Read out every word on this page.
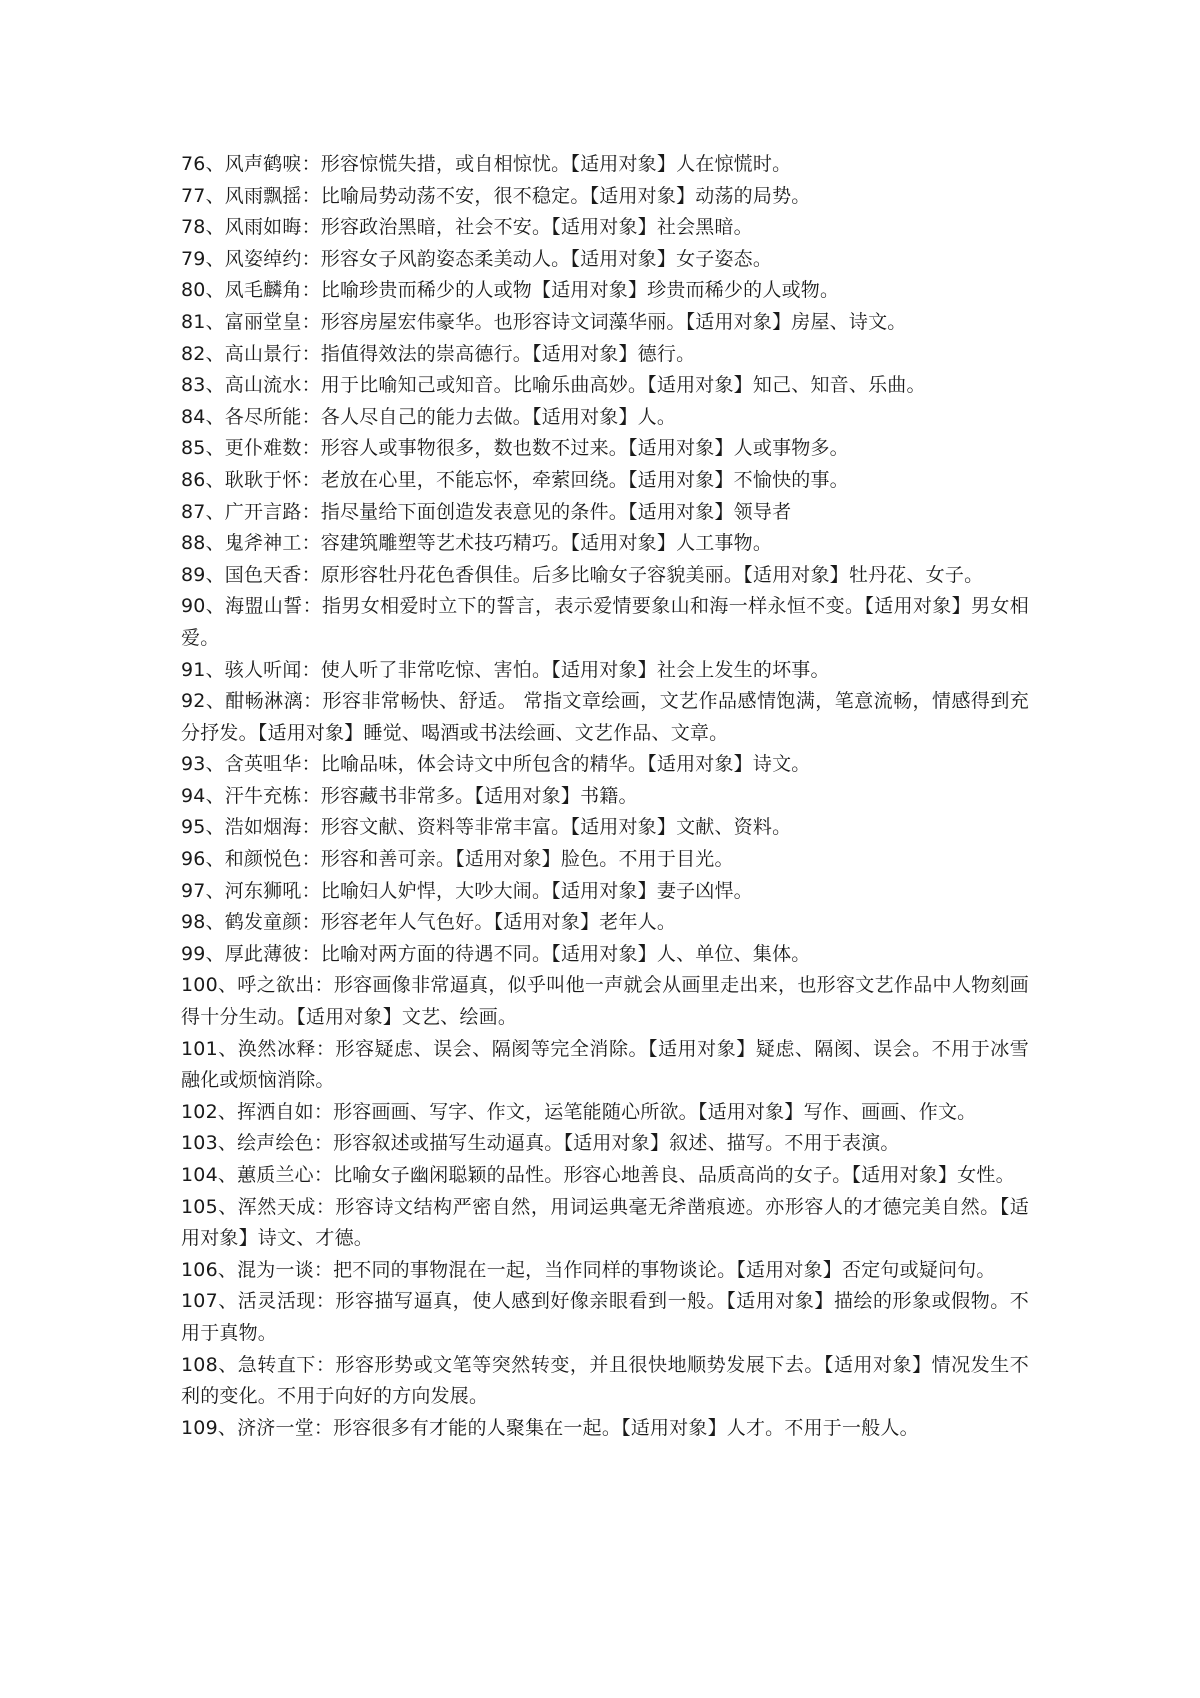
76、风声鹤唳：形容惊慌失措，或自相惊忧。【适用对象】人在惊慌时。
77、风雨飘摇：比喻局势动荡不安，很不稳定。【适用对象】动荡的局势。
78、风雨如晦：形容政治黑暗，社会不安。【适用对象】社会黑暗。
79、风姿绰约：形容女子风韵姿态柔美动人。【适用对象】女子姿态。
80、凤毛麟角：比喻珍贵而稀少的人或物【适用对象】珍贵而稀少的人或物。
81、富丽堂皇：形容房屋宏伟豪华。也形容诗文词藻华丽。【适用对象】房屋、诗文。
82、高山景行：指值得效法的崇高德行。【适用对象】德行。
83、高山流水：用于比喻知己或知音。比喻乐曲高妙。【适用对象】知己、知音、乐曲。
84、各尽所能：各人尽自己的能力去做。【适用对象】人。
85、更仆难数：形容人或事物很多，数也数不过来。【适用对象】人或事物多。
86、耿耿于怀：老放在心里，不能忘怀，牵萦回绕。【适用对象】不愉快的事。
87、广开言路：指尽量给下面创造发表意见的条件。【适用对象】领导者
88、鬼斧神工：容建筑雕塑等艺术技巧精巧。【适用对象】人工事物。
89、国色天香：原形容牡丹花色香俱佳。后多比喻女子容貌美丽。【适用对象】牡丹花、女子。
90、海盟山誓：指男女相爱时立下的誓言，表示爱情要象山和海一样永恒不变。【适用对象】男女相爱。
91、骇人听闻：使人听了非常吃惊、害怕。【适用对象】社会上发生的坏事。
92、酣畅淋漓：形容非常畅快、舒适。 常指文章绘画，文艺作品感情饱满，笔意流畅，情感得到充分抒发。【适用对象】睡觉、喝酒或书法绘画、文艺作品、文章。
93、含英咀华：比喻品味，体会诗文中所包含的精华。【适用对象】诗文。
94、汗牛充栋：形容藏书非常多。【适用对象】书籍。
95、浩如烟海：形容文献、资料等非常丰富。【适用对象】文献、资料。
96、和颜悦色：形容和善可亲。【适用对象】脸色。不用于目光。
97、河东狮吼：比喻妇人妒悍，大吵大闹。【适用对象】妻子凶悍。
98、鹤发童颜：形容老年人气色好。【适用对象】老年人。
99、厚此薄彼：比喻对两方面的待遇不同。【适用对象】人、单位、集体。
100、呼之欲出：形容画像非常逼真，似乎叫他一声就会从画里走出来，也形容文艺作品中人物刻画得十分生动。【适用对象】文艺、绘画。
101、涣然冰释：形容疑虑、误会、隔阂等完全消除。【适用对象】疑虑、隔阂、误会。不用于冰雪融化或烦恼消除。
102、挥洒自如：形容画画、写字、作文，运笔能随心所欲。【适用对象】写作、画画、作文。
103、绘声绘色：形容叙述或描写生动逼真。【适用对象】叙述、描写。不用于表演。
104、蕙质兰心：比喻女子幽闲聪颖的品性。形容心地善良、品质高尚的女子。【适用对象】女性。
105、浑然天成：形容诗文结构严密自然，用词运典毫无斧凿痕迹。亦形容人的才德完美自然。【适用对象】诗文、才德。
106、混为一谈：把不同的事物混在一起，当作同样的事物谈论。【适用对象】否定句或疑问句。
107、活灵活现：形容描写逼真，使人感到好像亲眼看到一般。【适用对象】描绘的形象或假物。不用于真物。
108、急转直下：形容形势或文笔等突然转变，并且很快地顺势发展下去。【适用对象】情况发生不利的变化。不用于向好的方向发展。
109、济济一堂：形容很多有才能的人聚集在一起。【适用对象】人才。不用于一般人。
